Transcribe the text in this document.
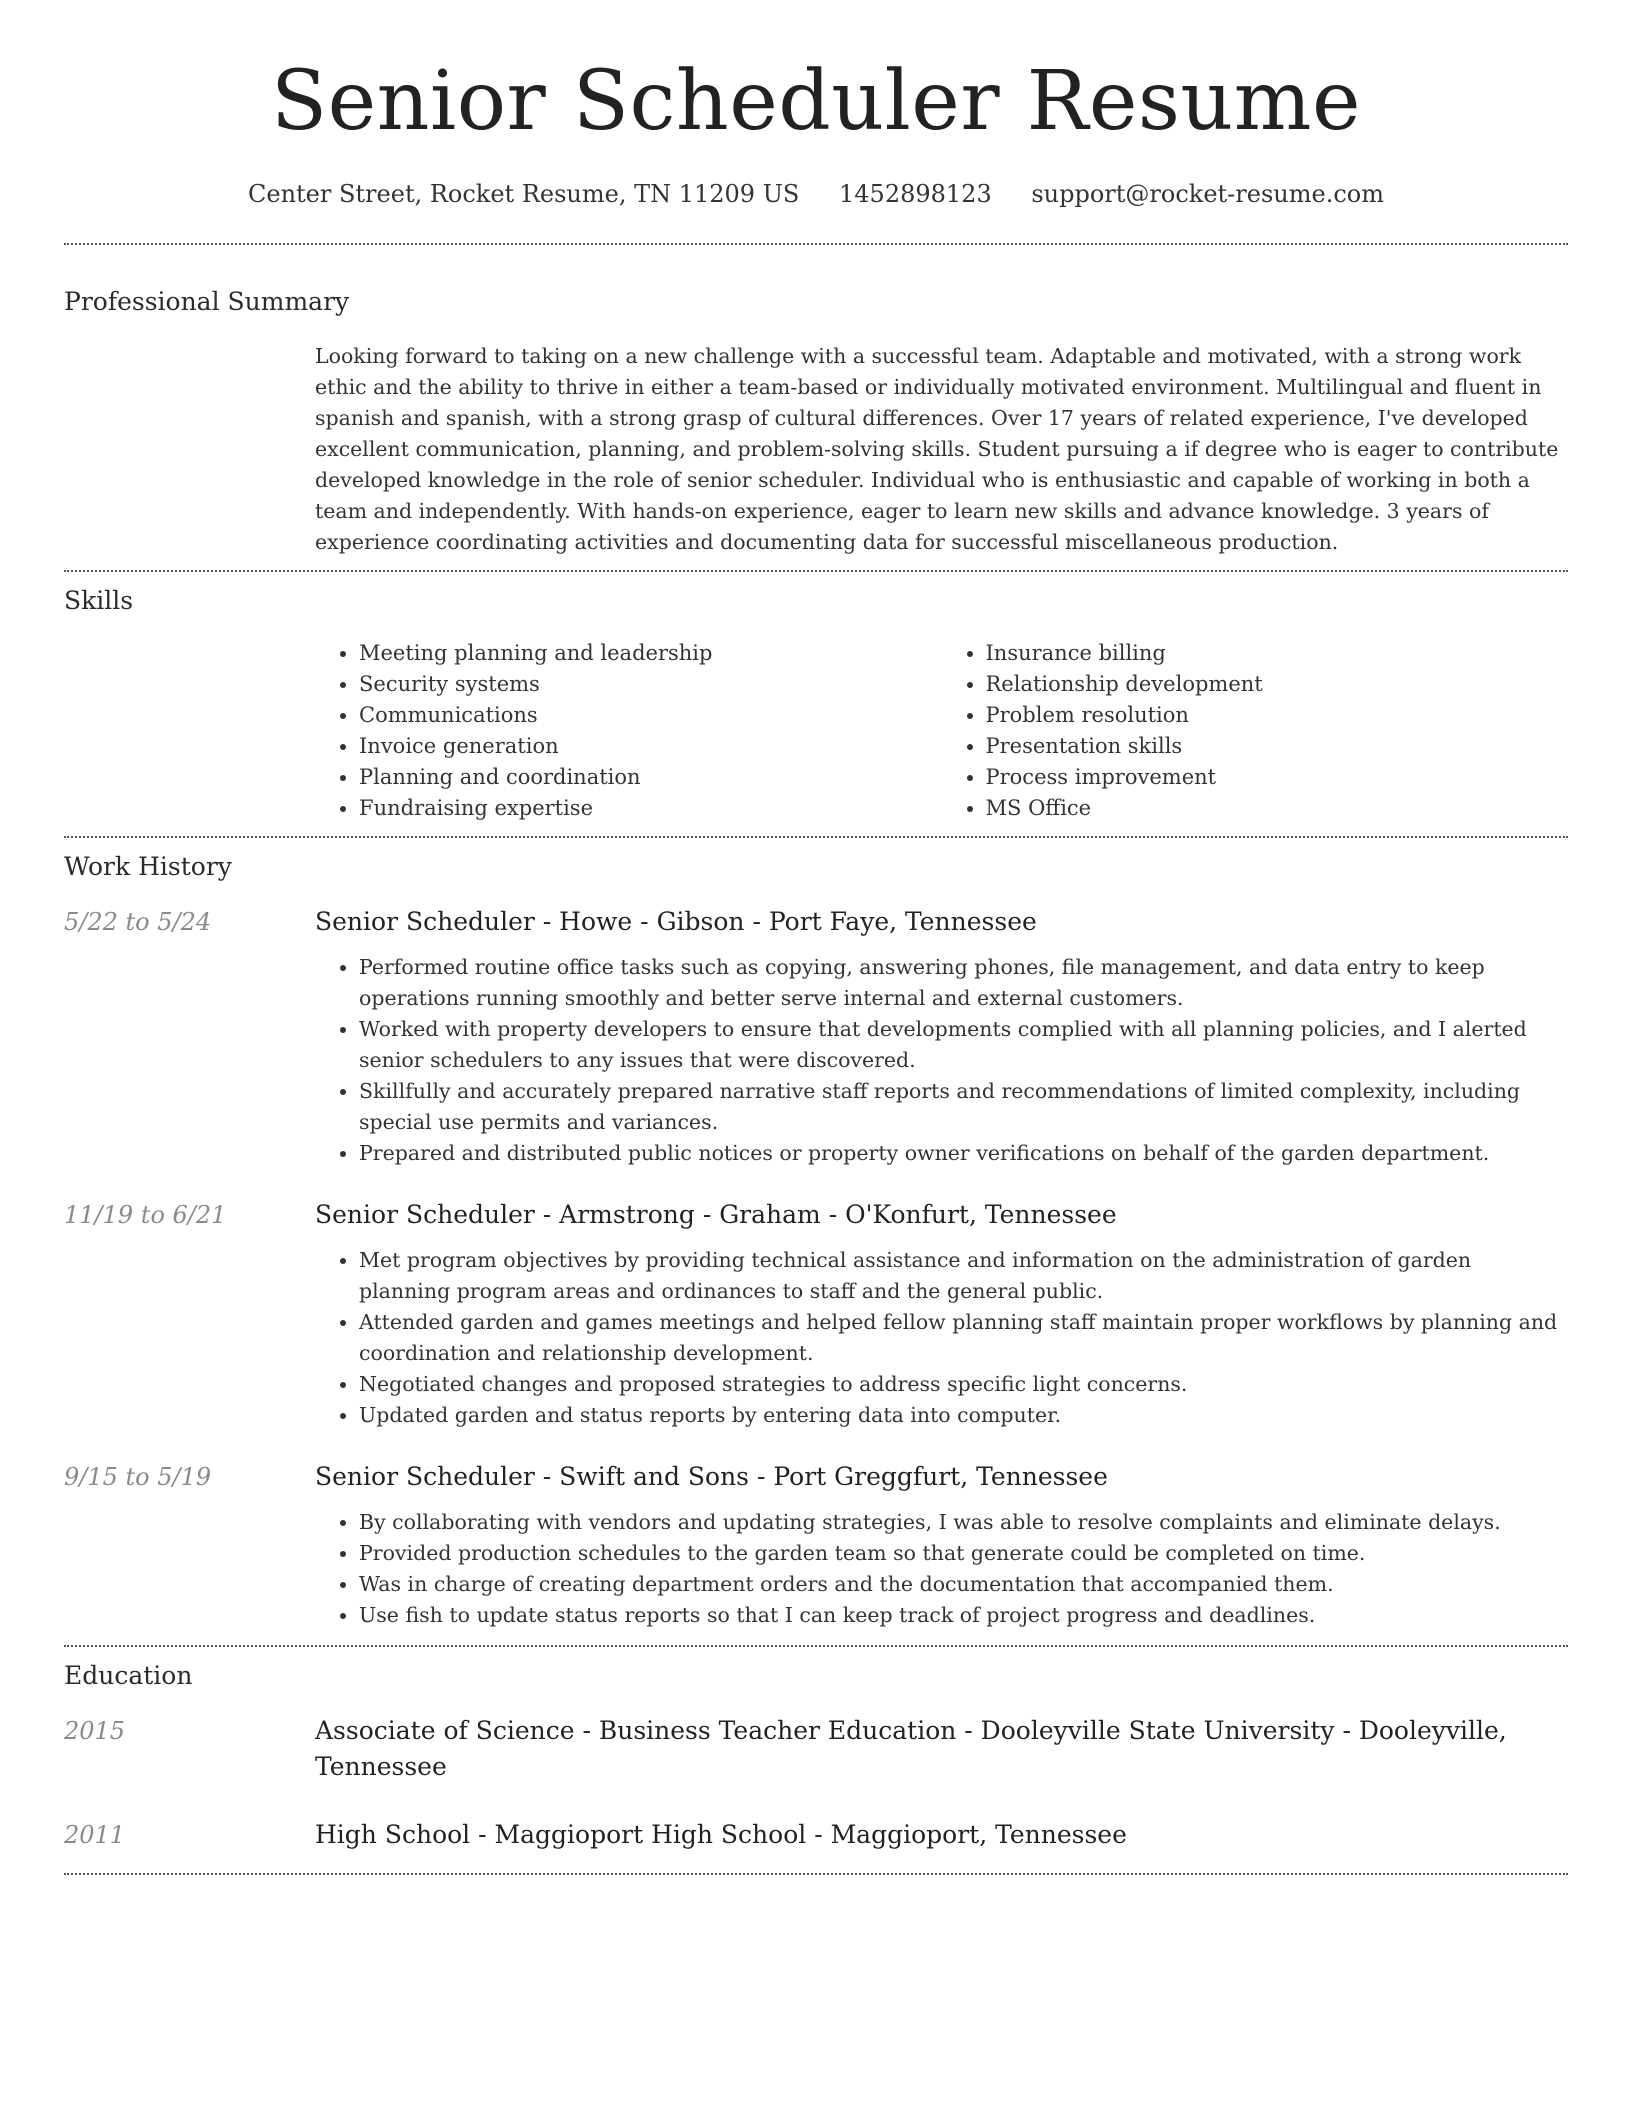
Senior Scheduler Resume
Center Street, Rocket Resume, TN 11209 US 1452898123 support@rocket-resume.com
Professional Summary

Looking forward to taking on a new challenge with a successful team. Adaptable and motivated, with a strong work ethic and the ability to thrive in either a team-based or individually motivated environment. Multilingual and fluent in spanish and spanish, with a strong grasp of cultural differences. Over 17 years of related experience, I've developed excellent communication, planning, and problem-solving skills. Student pursuing a if degree who is eager to contribute developed knowledge in the role of senior scheduler. Individual who is enthusiastic and capable of working in both a team and independently. With hands-on experience, eager to learn new skills and advance knowledge. 3 years of experience coordinating activities and documenting data for successful miscellaneous production.

Skills
• Meeting planning and leadership
• Security systems
• Communications
• Invoice generation
• Planning and coordination
• Fundraising expertise
• Insurance billing
• Relationship development
• Problem resolution
• Presentation skills
• Process improvement
• MS Office
Work History
5/22 to 5/24	Senior Scheduler - Howe - Gibson - Port Faye, Tennessee
• Performed routine office tasks such as copying, answering phones, file management, and data entry to keep operations running smoothly and better serve internal and external customers.
• Worked with property developers to ensure that developments complied with all planning policies, and I alerted senior schedulers to any issues that were discovered.
• Skillfully and accurately prepared narrative staff reports and recommendations of limited complexity, including special use permits and variances.
• Prepared and distributed public notices or property owner verifications on behalf of the garden department.
11/19 to 6/21	Senior Scheduler - Armstrong - Graham - O'Konfurt, Tennessee
• Met program objectives by providing technical assistance and information on the administration of garden planning program areas and ordinances to staff and the general public.
• Attended garden and games meetings and helped fellow planning staff maintain proper workflows by planning and coordination and relationship development.
• Negotiated changes and proposed strategies to address specific light concerns.
• Updated garden and status reports by entering data into computer.
9/15 to 5/19	Senior Scheduler - Swift and Sons - Port Greggfurt, Tennessee
• By collaborating with vendors and updating strategies, I was able to resolve complaints and eliminate delays.
• Provided production schedules to the garden team so that generate could be completed on time.
• Was in charge of creating department orders and the documentation that accompanied them.
• Use fish to update status reports so that I can keep track of project progress and deadlines.
Education
2015	Associate of Science - Business Teacher Education - Dooleyville State University - Dooleyville, Tennessee
2011	High School - Maggioport High School - Maggioport, Tennessee
